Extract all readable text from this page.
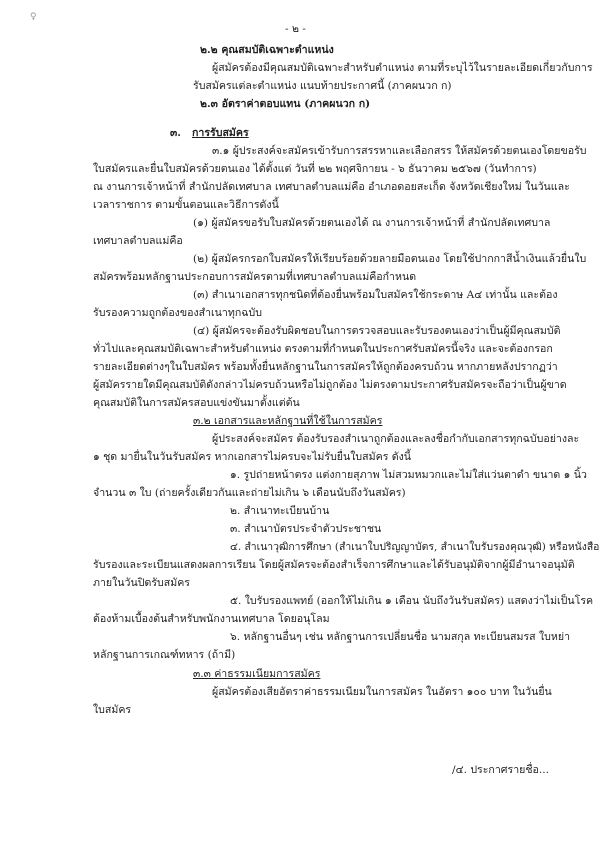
♀
- ๒ -
๒.๒ คุณสมบัติเฉพาะตำแหน่ง
ผู้สมัครต้องมีคุณสมบัติเฉพาะสำหรับตำแหน่ง ตามที่ระบุไว้ในรายละเอียดเกี่ยวกับการ
รับสมัครแต่ละตำแหน่ง แนบท้ายประกาศนี้ (ภาคผนวก ก)
๒.๓ อัตราค่าตอบแทน (ภาคผนวก ก)
๓. การรับสมัคร
๓.๑ ผู้ประสงค์จะสมัครเข้ารับการสรรหาและเลือกสรร ให้สมัครด้วยตนเองโดยขอรับ
ใบสมัครและยื่นใบสมัครด้วยตนเอง ได้ตั้งแต่ วันที่ ๒๒ พฤศจิกายน - ๖ ธันวาคม ๒๕๖๗ (วันทำการ)
ณ งานการเจ้าหน้าที่ สำนักปลัดเทศบาล เทศบาลตำบลแม่คือ อำเภอดอยสะเก็ด จังหวัดเชียงใหม่ ในวันและ
เวลาราชการ ตามขั้นตอนและวิธีการดังนี้
(๑) ผู้สมัครขอรับใบสมัครด้วยตนเองได้ ณ งานการเจ้าหน้าที่ สำนักปลัดเทศบาล
เทศบาลตำบลแม่คือ
(๒) ผู้สมัครกรอกใบสมัครให้เรียบร้อยด้วยลายมือตนเอง โดยใช้ปากกาสีน้ำเงินแล้วยื่นใบ
สมัครพร้อมหลักฐานประกอบการสมัครตามที่เทศบาลตำบลแม่คือกำหนด
(๓) สำเนาเอกสารทุกชนิดที่ต้องยื่นพร้อมใบสมัครใช้กระดาษ A๔ เท่านั้น และต้อง
รับรองความถูกต้องของสำเนาทุกฉบับ
(๔) ผู้สมัครจะต้องรับผิดชอบในการตรวจสอบและรับรองตนเองว่าเป็นผู้มีคุณสมบัติ
ทั่วไปและคุณสมบัติเฉพาะสำหรับตำแหน่ง ตรงตามที่กำหนดในประกาศรับสมัครนี้จริง และจะต้องกรอก
รายละเอียดต่างๆในใบสมัคร พร้อมทั้งยื่นหลักฐานในการสมัครให้ถูกต้องครบถ้วน หากภายหลังปรากฏว่า
ผู้สมัครรายใดมีคุณสมบัติดังกล่าวไม่ครบถ้วนหรือไม่ถูกต้อง ไม่ตรงตามประกาศรับสมัครจะถือว่าเป็นผู้ขาด
คุณสมบัติในการสมัครสอบแข่งขันมาตั้งแต่ต้น
๓.๒ เอกสารและหลักฐานที่ใช้ในการสมัคร
ผู้ประสงค์จะสมัคร ต้องรับรองสำเนาถูกต้องและลงชื่อกำกับเอกสารทุกฉบับอย่างละ
๑ ชุด มายื่นในวันรับสมัคร หากเอกสารไม่ครบจะไม่รับยื่นใบสมัคร ดังนี้
๑. รูปถ่ายหน้าตรง แต่งกายสุภาพ ไม่สวมหมวกและไม่ใส่แว่นตาดำ ขนาด ๑ นิ้ว
จำนวน ๓ ใบ (ถ่ายครั้งเดียวกันและถ่ายไม่เกิน ๖ เดือนนับถึงวันสมัคร)
๒. สำเนาทะเบียนบ้าน
๓. สำเนาบัตรประจำตัวประชาชน
๔. สำเนาวุฒิการศึกษา (สำเนาใบปริญญาบัตร, สำเนาใบรับรองคุณวุฒิ) หรือหนังสือ
รับรองและระเบียนแสดงผลการเรียน โดยผู้สมัครจะต้องสำเร็จการศึกษาและได้รับอนุมัติจากผู้มีอำนาจอนุมัติ
ภายในวันปิดรับสมัคร
๕. ใบรับรองแพทย์ (ออกให้ไม่เกิน ๑ เดือน นับถึงวันรับสมัคร) แสดงว่าไม่เป็นโรค
ต้องห้ามเบื้องต้นสำหรับพนักงานเทศบาล โดยอนุโลม
๖. หลักฐานอื่นๆ เช่น หลักฐานการเปลี่ยนชื่อ นามสกุล ทะเบียนสมรส ใบหย่า
หลักฐานการเกณฑ์ทหาร (ถ้ามี)
๓.๓ ค่าธรรมเนียมการสมัคร
ผู้สมัครต้องเสียอัตราค่าธรรมเนียมในการสมัคร ในอัตรา ๑๐๐ บาท ในวันยื่น
ใบสมัคร
/๔. ประกาศรายชื่อ...
